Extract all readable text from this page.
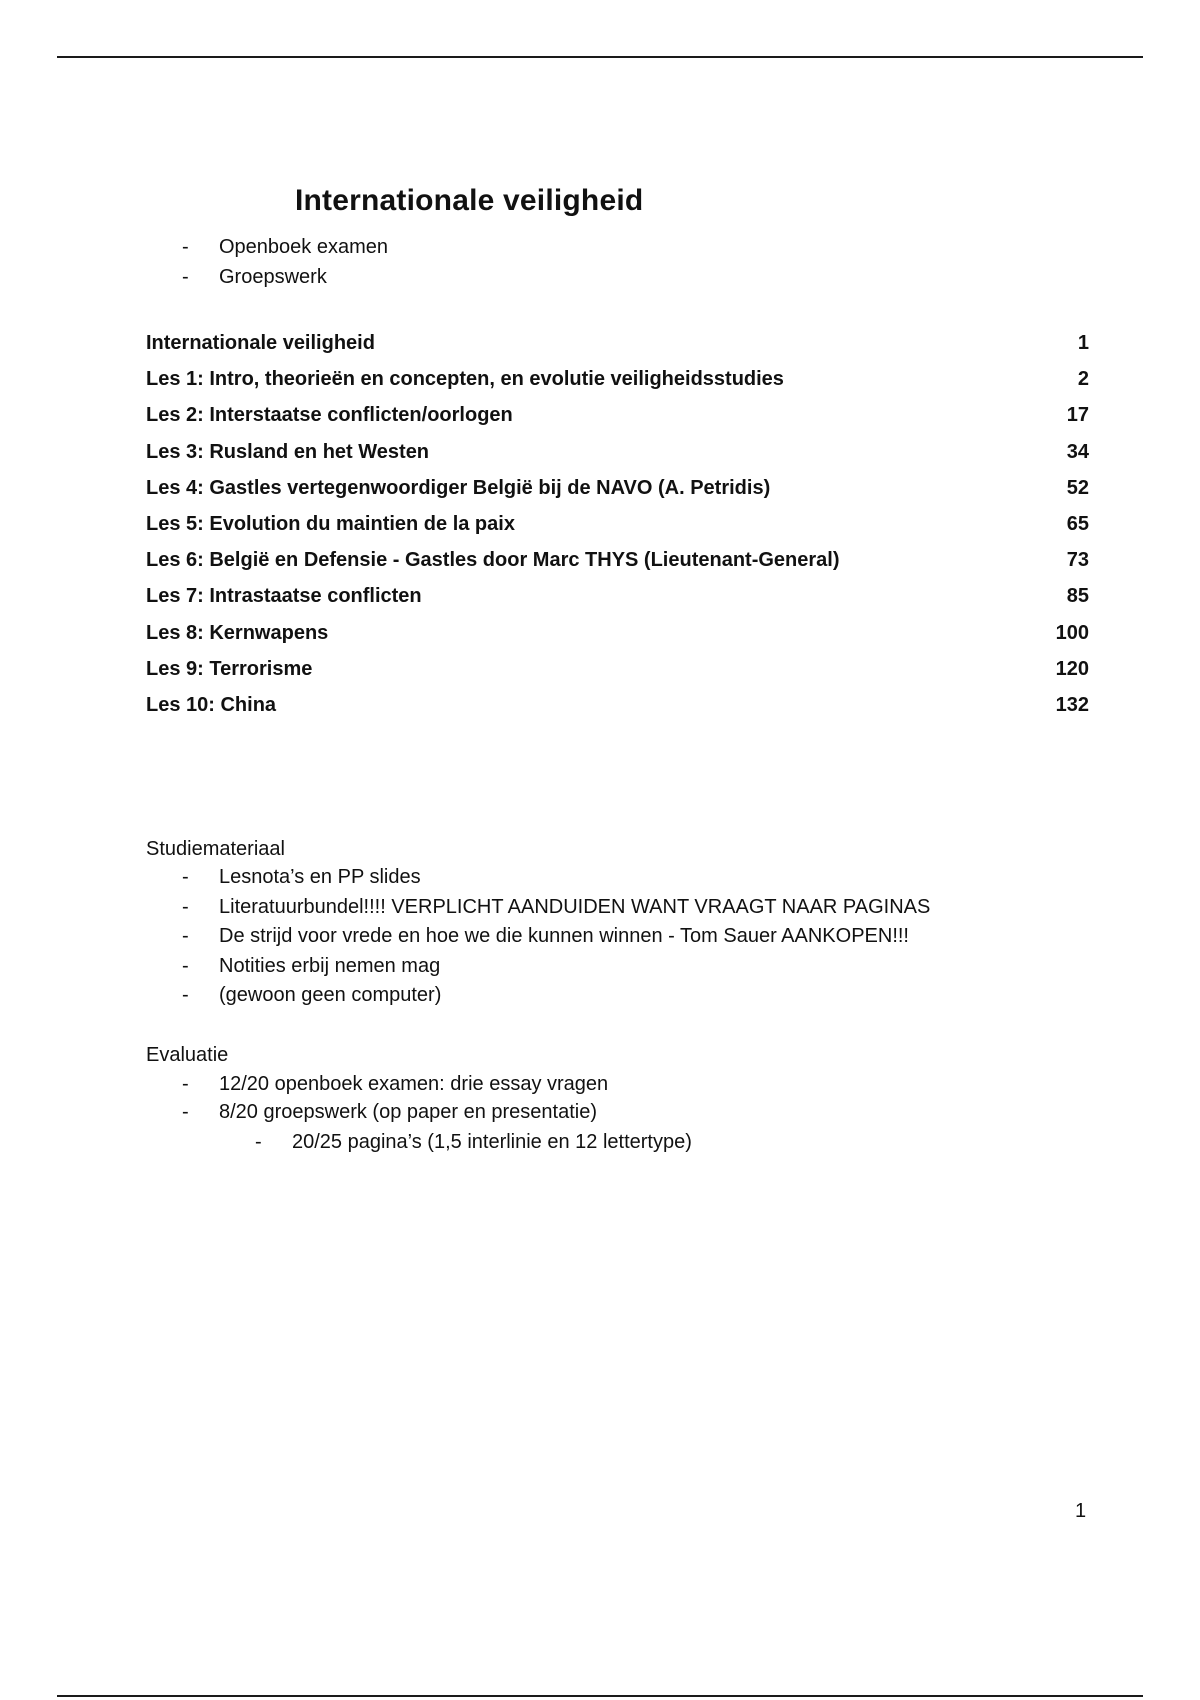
Internationale veiligheid
- Openboek examen
- Groepswerk
Internationale veiligheid	1
Les 1: Intro, theorieën en concepten, en evolutie veiligheidsstudies	2
Les 2: Interstaatse conflicten/oorlogen	17
Les 3: Rusland en het Westen	34
Les 4: Gastles vertegenwoordiger België bij de NAVO (A. Petridis)	52
Les 5: Evolution du maintien de la paix	65
Les 6: België en Defensie - Gastles door Marc THYS (Lieutenant-General)	73
Les 7: Intrastaatse conflicten	85
Les 8: Kernwapens	100
Les 9: Terrorisme	120
Les 10: China	132
Studiemateriaal
- Lesnota’s en PP slides
- Literatuurbundel!!!! VERPLICHT AANDUIDEN WANT VRAAGT NAAR PAGINAS
- De strijd voor vrede en hoe we die kunnen winnen - Tom Sauer AANKOPEN!!!
- Notities erbij nemen mag
- (gewoon geen computer)
Evaluatie
- 12/20 openboek examen: drie essay vragen
- 8/20 groepswerk (op paper en presentatie)
- 20/25 pagina’s (1,5 interlinie en 12 lettertype)
1
